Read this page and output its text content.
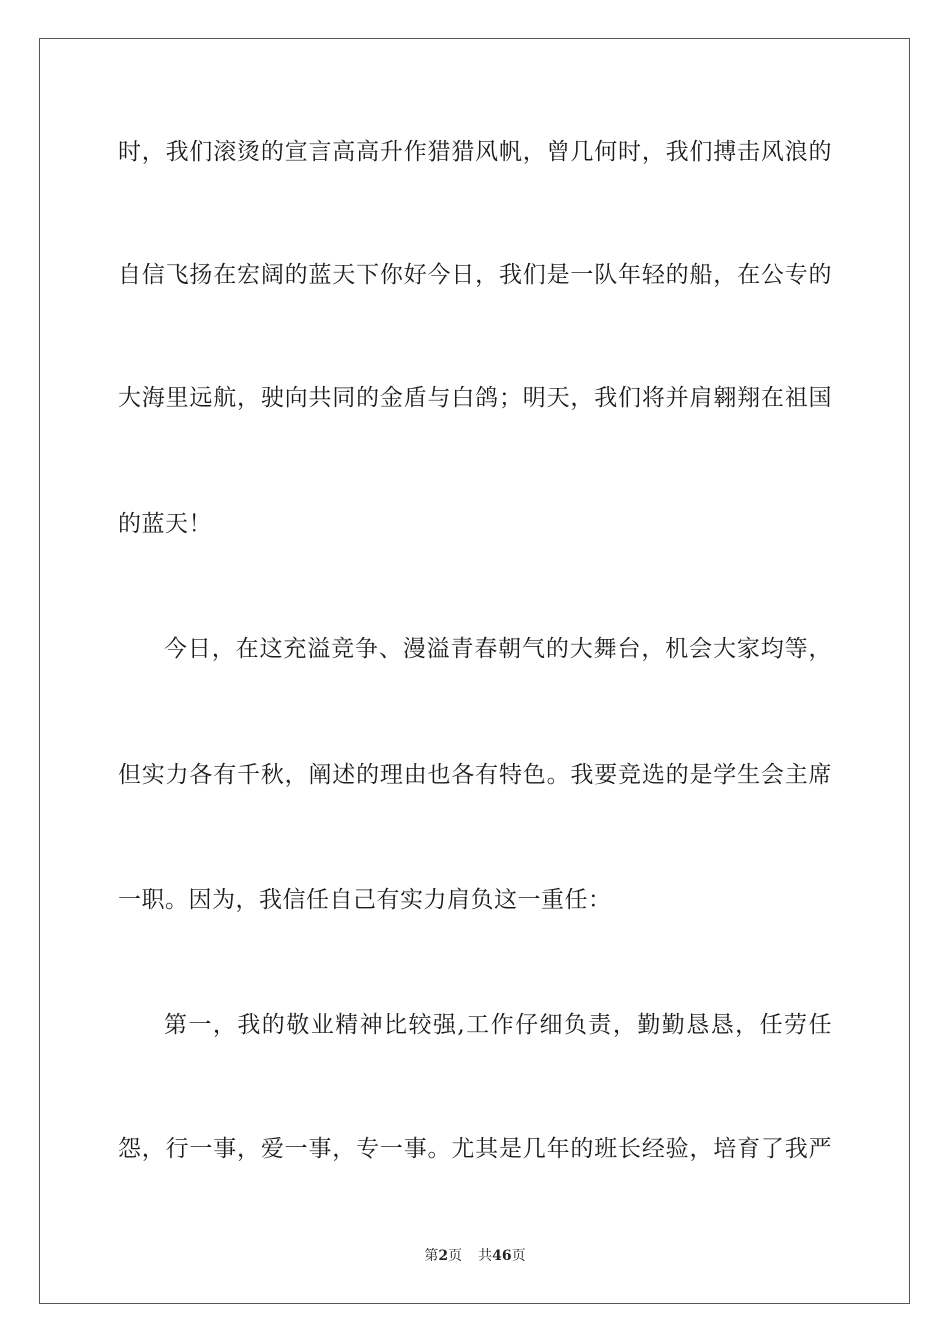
时，我们滚烫的宣言高高升作猎猎风帆，曾几何时，我们搏击风浪的
自信飞扬在宏阔的蓝天下你好今日，我们是一队年轻的船，在公专的
大海里远航，驶向共同的金盾与白鸽；明天，我们将并肩翱翔在祖国
的蓝天！
今日，在这充溢竞争、漫溢青春朝气的大舞台，机会大家均等，
但实力各有千秋，阐述的理由也各有特色。我要竞选的是学生会主席
一职。因为，我信任自己有实力肩负这一重任：
第一，我的敬业精神比较强,工作仔细负责，勤勤恳恳，任劳任
怨，行一事，爱一事，专一事。尤其是几年的班长经验，培育了我严
第2页 共46页
